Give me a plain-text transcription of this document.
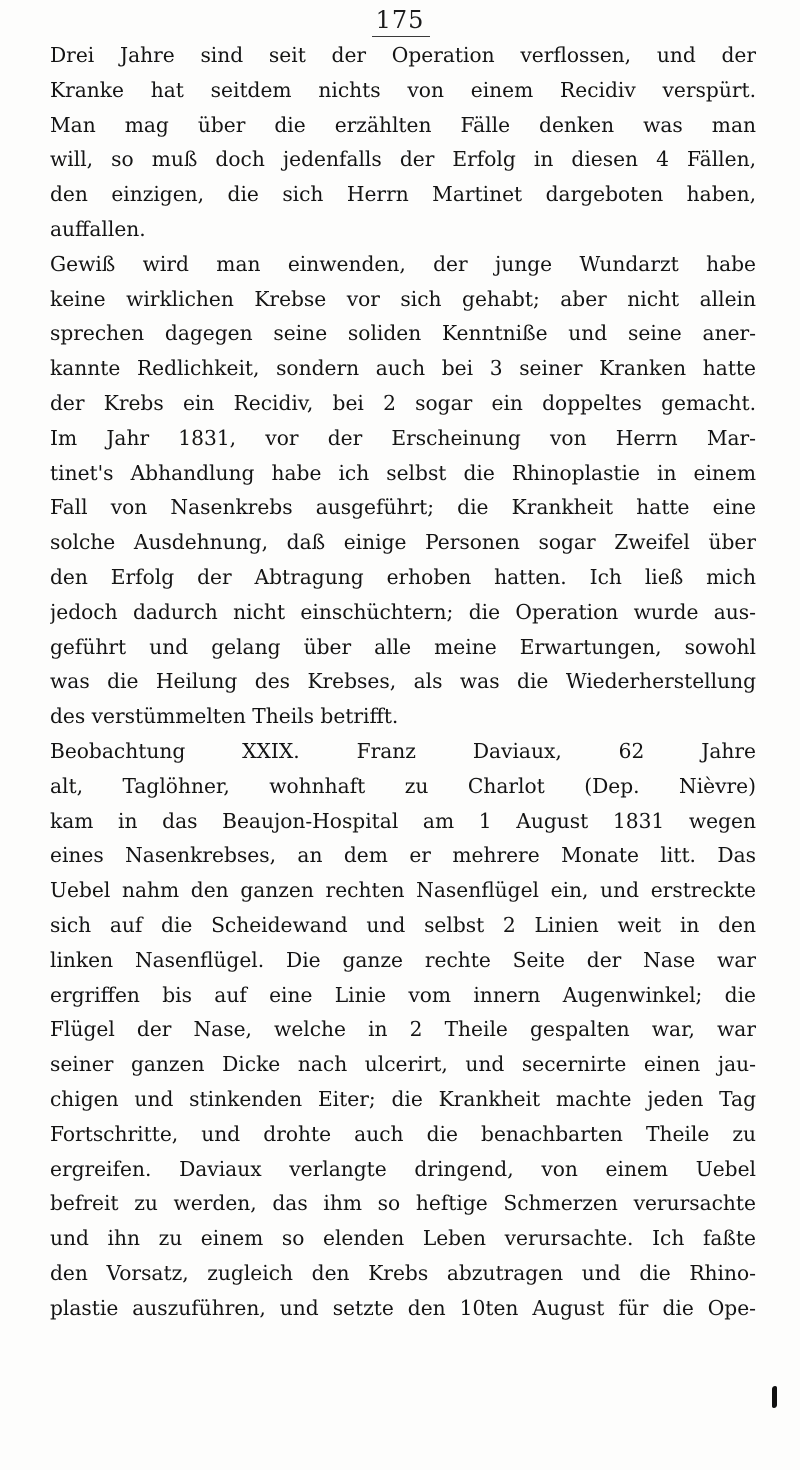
175
Drei Jahre sind seit der Operation verflossen, und der
Kranke hat seitdem nichts von einem Recidiv verspürt.
Man mag über die erzählten Fälle denken was man
will, so muß doch jedenfalls der Erfolg in diesen 4 Fällen,
den einzigen, die sich Herrn Martinet dargeboten haben,
auffallen.
Gewiß wird man einwenden, der junge Wundarzt habe
keine wirklichen Krebse vor sich gehabt; aber nicht allein
sprechen dagegen seine soliden Kenntniße und seine aner-
kannte Redlichkeit, sondern auch bei 3 seiner Kranken hatte
der Krebs ein Recidiv, bei 2 sogar ein doppeltes gemacht.
Im Jahr 1831, vor der Erscheinung von Herrn Mar-
tinet's Abhandlung habe ich selbst die Rhinoplastie in einem
Fall von Nasenkrebs ausgeführt; die Krankheit hatte eine
solche Ausdehnung, daß einige Personen sogar Zweifel über
den Erfolg der Abtragung erhoben hatten. Ich ließ mich
jedoch dadurch nicht einschüchtern; die Operation wurde aus-
geführt und gelang über alle meine Erwartungen, sowohl
was die Heilung des Krebses, als was die Wiederherstellung
des verstümmelten Theils betrifft.
Beobachtung XXIX. Franz Daviaux, 62 Jahre
alt, Taglöhner, wohnhaft zu Charlot (Dep. Nièvre)
kam in das Beaujon-Hospital am 1 August 1831 wegen
eines Nasenkrebses, an dem er mehrere Monate litt. Das
Uebel nahm den ganzen rechten Nasenflügel ein, und erstreckte
sich auf die Scheidewand und selbst 2 Linien weit in den
linken Nasenflügel. Die ganze rechte Seite der Nase war
ergriffen bis auf eine Linie vom innern Augenwinkel; die
Flügel der Nase, welche in 2 Theile gespalten war, war
seiner ganzen Dicke nach ulcerirt, und secernirte einen jau-
chigen und stinkenden Eiter; die Krankheit machte jeden Tag
Fortschritte, und drohte auch die benachbarten Theile zu
ergreifen. Daviaux verlangte dringend, von einem Uebel
befreit zu werden, das ihm so heftige Schmerzen verursachte
und ihn zu einem so elenden Leben verursachte. Ich faßte
den Vorsatz, zugleich den Krebs abzutragen und die Rhino-
plastie auszuführen, und setzte den 10ten August für die Ope-
